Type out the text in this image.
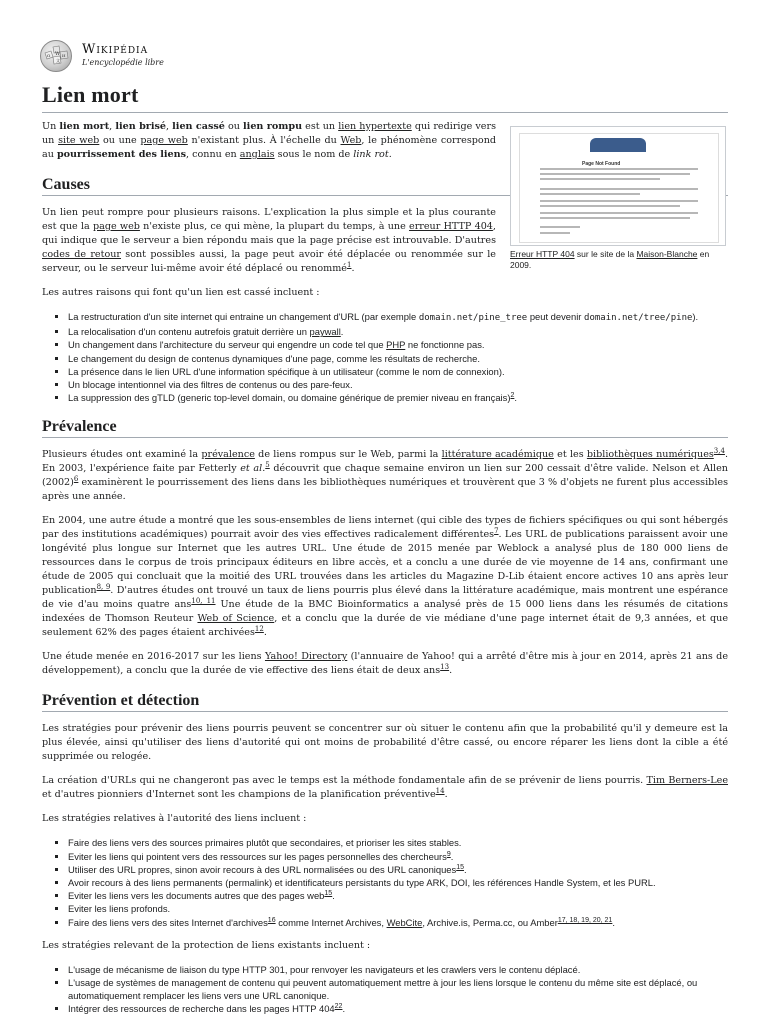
W
Ω	И
文
Wikipédia
L'encyclopédie libre
Lien mort
Page Not Found
Erreur HTTP 404 sur le site de la Maison-Blanche en 2009.

Un lien mort, lien brisé, lien cassé ou lien rompu est un lien hypertexte qui redirige vers un site web ou une page web n'existant plus. À l'échelle du Web, le phénomène correspond au pourrissement des liens, connu en anglais sous le nom de link rot.

Causes

Un lien peut rompre pour plusieurs raisons. L'explication la plus simple et la plus courante est que la page web n'existe plus, ce qui mène, la plupart du temps, à une erreur HTTP 404, qui indique que le serveur a bien répondu mais que la page précise est introuvable. D'autres codes de retour sont possibles aussi, la page peut avoir été déplacée ou renommée sur le serveur, ou le serveur lui-même avoir été déplacé ou renommé$^1$.

Les autres raisons qui font qu'un lien est cassé incluent :

▪ La restructuration d'un site internet qui entraine un changement d'URL (par exemple domain.net/pine_tree peut devenir domain.net/tree/pine).
▪ La relocalisation d'un contenu autrefois gratuit derrière un paywall.
▪ Un changement dans l'architecture du serveur qui engendre un code tel que PHP ne fonctionne pas.
▪ Le changement du design de contenus dynamiques d'une page, comme les résultats de recherche.
▪ La présence dans le lien URL d'une information spécifique à un utilisateur (comme le nom de connexion).
▪ Un blocage intentionnel via des filtres de contenus ou des pare-feux.
▪ La suppression des gTLD (generic top-level domain, ou domaine générique de premier niveau en français)$^2$.
Prévalence

Plusieurs études ont examiné la prévalence de liens rompus sur le Web, parmi la littérature académique et les bibliothèques numériques$^{3,4}$. En 2003, l'expérience faite par Fetterly et al.$^5$ découvrit que chaque semaine environ un lien sur 200 cessait d'être valide. Nelson et Allen $(2002)^6$ examinèrent le pourrissement des liens dans les bibliothèques numériques et trouvèrent que 3 % d'objets ne furent plus accessibles après une année.

En 2004, une autre étude a montré que les sous-ensembles de liens internet (qui cible des types de fichiers spécifiques ou qui sont hébergés par des institutions académiques) pourrait avoir des vies effectives radicalement différentes$^7$. Les URL de publications paraissent avoir une longévité plus longue sur Internet que les autres URL. Une étude de 2015 menée par Weblock a analysé plus de 180 000 liens de ressources dans le corpus de trois principaux éditeurs en libre accès, et a conclu a une durée de vie moyenne de 14 ans, confirmant une étude de 2005 qui concluait que la moitié des URL trouvées dans les articles du Magazine D-Lib étaient encore actives 10 ans après leur publication$^{8, 9}$. D'autres études ont trouvé un taux de liens pourris plus élevé dans la littérature académique, mais montrent une espérance de vie d'au moins quatre ans$^{10, 11}$ Une étude de la BMC Bioinformatics a analysé près de 15 000 liens dans les résumés de citations indexées de Thomson Reuteur Web of Science, et a conclu que la durée de vie médiane d'une page internet était de 9,3 années, et que seulement 62% des pages étaient archivées$^{12}$.

Une étude menée en 2016-2017 sur les liens Yahoo! Directory (l'annuaire de Yahoo! qui a arrêté d'être mis à jour en 2014, après 21 ans de développement), a conclu que la durée de vie effective des liens était de deux ans$^{13}$.

Prévention et détection

Les stratégies pour prévenir des liens pourris peuvent se concentrer sur où situer le contenu afin que la probabilité qu'il y demeure est la plus élevée, ainsi qu'utiliser des liens d'autorité qui ont moins de probabilité d'être cassé, ou encore réparer les liens dont la cible a été supprimée ou relogée.

La création d'URLs qui ne changeront pas avec le temps est la méthode fondamentale afin de se prévenir de liens pourris. Tim Berners-Lee et d'autres pionniers d'Internet sont les champions de la planification préventive$^{14}$.

Les stratégies relatives à l'autorité des liens incluent :

▪ Faire des liens vers des sources primaires plutôt que secondaires, et prioriser les sites stables.
▪ Eviter les liens qui pointent vers des ressources sur les pages personnelles des chercheurs$^9$.
▪ Utiliser des URL propres, sinon avoir recours à des URL normalisées ou des URL canoniques$^{15}$.
▪ Avoir recours à des liens permanents (permalink) et identificateurs persistants du type ARK, DOI, les références Handle System, et les PURL.
▪ Eviter les liens vers les documents autres que des pages web$^{15}$.
▪ Eviter les liens profonds.
▪ Faire des liens vers des sites Internet d'archives$^{16}$ comme Internet Archives, WebCite, Archive.is, Perma.cc, ou Amber$^{17, 18, 19, 20, 21}$.

Les stratégies relevant de la protection de liens existants incluent :

▪ L'usage de mécanisme de liaison du type HTTP 301, pour renvoyer les navigateurs et les crawlers vers le contenu déplacé.
▪ L'usage de systèmes de management de contenu qui peuvent automatiquement mettre à jour les liens lorsque le contenu du même site est déplacé, ou automatiquement remplacer les liens vers une URL canonique.
▪ Intégrer des ressources de recherche dans les pages HTTP $404^{22}$.
